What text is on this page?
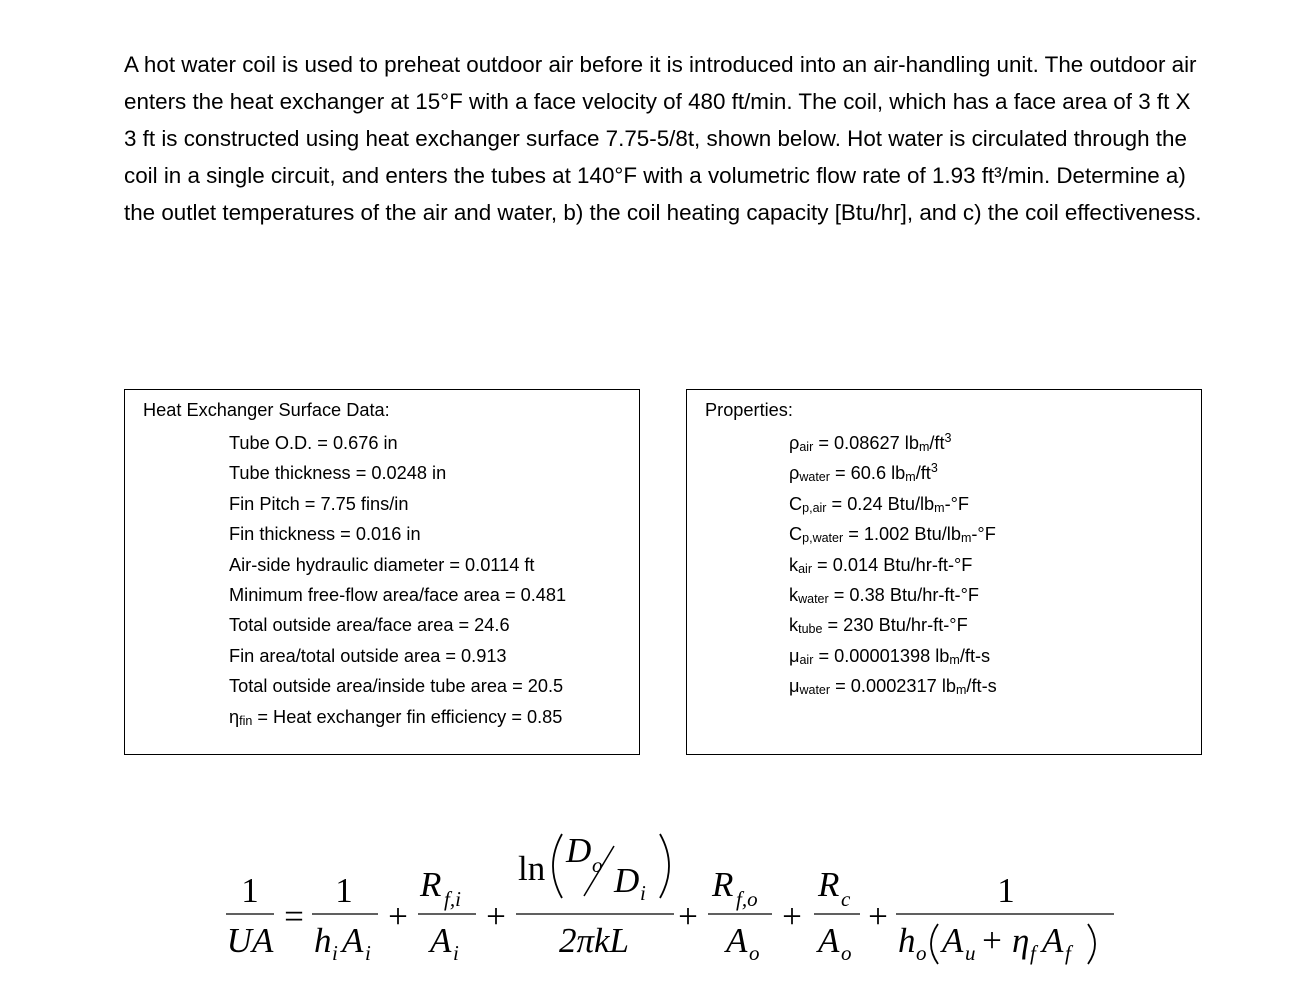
A hot water coil is used to preheat outdoor air before it is introduced into an air-handling unit. The outdoor air enters the heat exchanger at 15°F with a face velocity of 480 ft/min. The coil, which has a face area of 3 ft X 3 ft is constructed using heat exchanger surface 7.75-5/8t, shown below. Hot water is circulated through the coil in a single circuit, and enters the tubes at 140°F with a volumetric flow rate of 1.93 ft³/min. Determine a) the outlet temperatures of the air and water, b) the coil heating capacity [Btu/hr], and c) the coil effectiveness.

Heat Exchanger Surface Data:
Tube O.D. = 0.676 in
Tube thickness = 0.0248 in
Fin Pitch = 7.75 fins/in
Fin thickness = 0.016 in
Air-side hydraulic diameter = 0.0114 ft
Minimum free-flow area/face area = 0.481
Total outside area/face area = 24.6
Fin area/total outside area = 0.913
Total outside area/inside tube area = 20.5
$\eta_{fin}$ = Heat exchanger fin efficiency = 0.85
Properties:
$\rho_{air} = 0.08627$ $lb_m/ft^3$
$\rho_{water} = 60.6$ $lb_m/ft^3$
$C_{p,air} = 0.24$ Btu/$lb_m-^\circ F$
$C_{p,water} = 1.002$ Btu/$lb_m-^\circ F$
$k_{air} = 0.014$ Btu/hr-ft-°F
$k_{water} = 0.38$ Btu/hr-ft-°F
$k_{tube} = 230$ Btu/hr-ft-°F
$\mu_{air} = 0.00001398$ $lb_m/ft-s$
$\mu_{water} = 0.0002317$ $lb_m/ft-s$
1
UA
=
1
h i A i
+
R f,i
A i
+
ln D o D i
2πkL
+
R f,o
A o
+
R c
A o
+
1
h o A u + η f A f
